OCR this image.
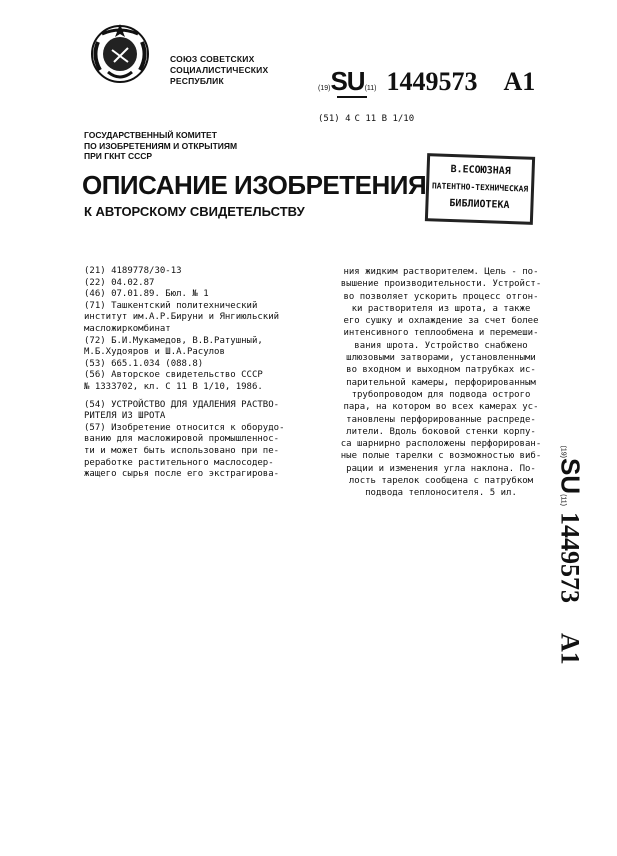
СОЮЗ СОВЕТСКИХ
СОЦИАЛИСТИЧЕСКИХ
РЕСПУБЛИК
(19)SU(11) 1449573 A1
(51) 4 C 11 B 1/10
ГОСУДАРСТВЕННЫЙ КОМИТЕТ
ПО ИЗОБРЕТЕНИЯМ И ОТКРЫТИЯМ
ПРИ ГКНТ СССР
В.ЕСОЮЗНАЯ
ПАТЕНТНО-ТЕХНИЧЕСКАЯ
БИБЛИОТЕКА
ОПИСАНИЕ ИЗОБРЕТЕНИЯ
К АВТОРСКОМУ СВИДЕТЕЛЬСТВУ
(21) 4189778/30-13
(22) 04.02.87
(46) 07.01.89. Бюл. № 1
(71) Ташкентский политехнический
институт им.А.Р.Бируни и Янгиюльский
масложиркомбинат
(72) Б.И.Мукамедов, В.В.Ратушный,
М.Б.Худояров и Ш.А.Расулов
(53) 665.1.034 (088.8)
(56) Авторское свидетельство СССР
№ 1333702, кл. С 11 В 1/10, 1986.
(54) УСТРОЙСТВО ДЛЯ УДАЛЕНИЯ РАСТВО-
РИТЕЛЯ ИЗ ШРОТА
(57) Изобретение относится к оборудо-
ванию для масложировой промышленнос-
ти и может быть использовано при пе-
реработке растительного маслосодер-
жащего сырья после его экстрагирова-
ния жидким растворителем. Цель - по-
вышение производительности. Устройст-
во позволяет ускорить процесс отгон-
ки растворителя из шрота, а также
его сушку и охлаждение за счет более
интенсивного теплообмена и перемеши-
вания шрота. Устройство снабжено
шлюзовыми затворами, установленными
во входном и выходном патрубках ис-
парительной камеры, перфорированным
трубопроводом для подвода острого
пара, на котором во всех камерах ус-
тановлены перфорированные распреде-
лители. Вдоль боковой стенки корпу-
са шарнирно расположены перфорирован-
ные полые тарелки с возможностью виб-
рации и изменения угла наклона. По-
лость тарелок сообщена с патрубком
подвода теплоносителя. 5 ил.
(19)SU(11)1449573A1
